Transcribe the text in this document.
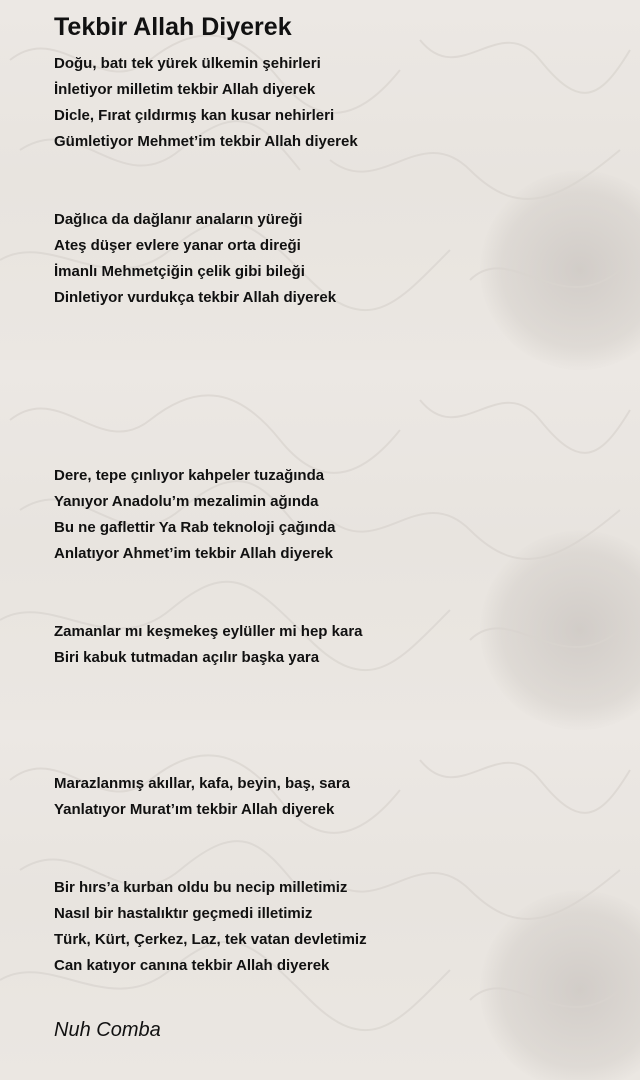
Tekbir Allah Diyerek
Doğu, batı tek yürek ülkemin şehirleri
İnletiyor milletim tekbir Allah diyerek
Dicle, Fırat çıldırmış kan kusar nehirleri
Gümletiyor Mehmet’im tekbir Allah diyerek
Dağlıca da dağlanır anaların yüreği
Ateş düşer evlere yanar orta direği
İmanlı Mehmetçiğin çelik gibi bileği
Dinletiyor vurdukça tekbir Allah diyerek
Dere, tepe çınlıyor kahpeler tuzağında
Yanıyor Anadolu’m mezalimin ağında
Bu ne gaflettir Ya Rab teknoloji çağında
Anlatıyor Ahmet’im tekbir Allah diyerek
Zamanlar mı keşmekeş eylüller mi hep kara
Biri kabuk tutmadan açılır başka yara
Marazlanmış akıllar, kafa, beyin, baş, sara
Yanlatıyor Murat’ım tekbir Allah diyerek
Bir hırs’a kurban oldu bu necip milletimiz
Nasıl bir hastalıktır geçmedi illetimiz
Türk, Kürt, Çerkez, Laz, tek vatan devletimiz
Can katıyor canına tekbir Allah diyerek

Nuh Comba
